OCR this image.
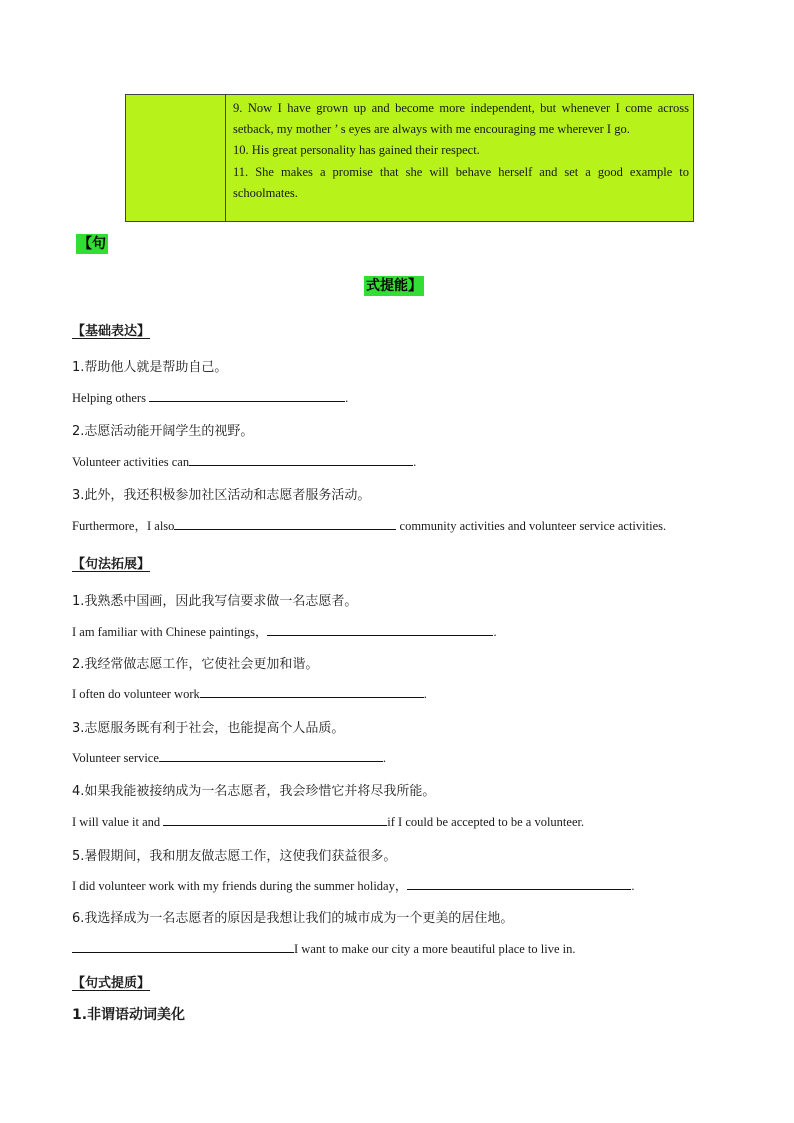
9. Now I have grown up and become more independent, but whenever I come across setback, my mother ’ s eyes are always with me encouraging me wherever I go.

10. His great personality has gained their respect.

11. She makes a promise that she will behave herself and set a good example to schoolmates.

【句
式提能】
【基础表达】
1.帮助他人就是帮助自己。
Helping others	.
2.志愿活动能开阔学生的视野。
Volunteer activities can	.
3.此外，我还积极参加社区活动和志愿者服务活动。
Furthermore，I also	community activities and volunteer service activities.
【句法拓展】
1.我熟悉中国画，因此我写信要求做一名志愿者。
I am familiar with Chinese paintings，	.
2.我经常做志愿工作，它使社会更加和谐。
I often do volunteer work	.
3.志愿服务既有利于社会，也能提高个人品质。
Volunteer service	.
4.如果我能被接纳成为一名志愿者，我会珍惜它并将尽我所能。
I will value it and	if I could be accepted to be a volunteer.
5.暑假期间，我和朋友做志愿工作，这使我们获益很多。
I did volunteer work with my friends during the summer holiday，	.
6.我选择成为一名志愿者的原因是我想让我们的城市成为一个更美的居住地。
I want to make our city a more beautiful place to live in.
【句式提质】
1.非谓语动词美化
